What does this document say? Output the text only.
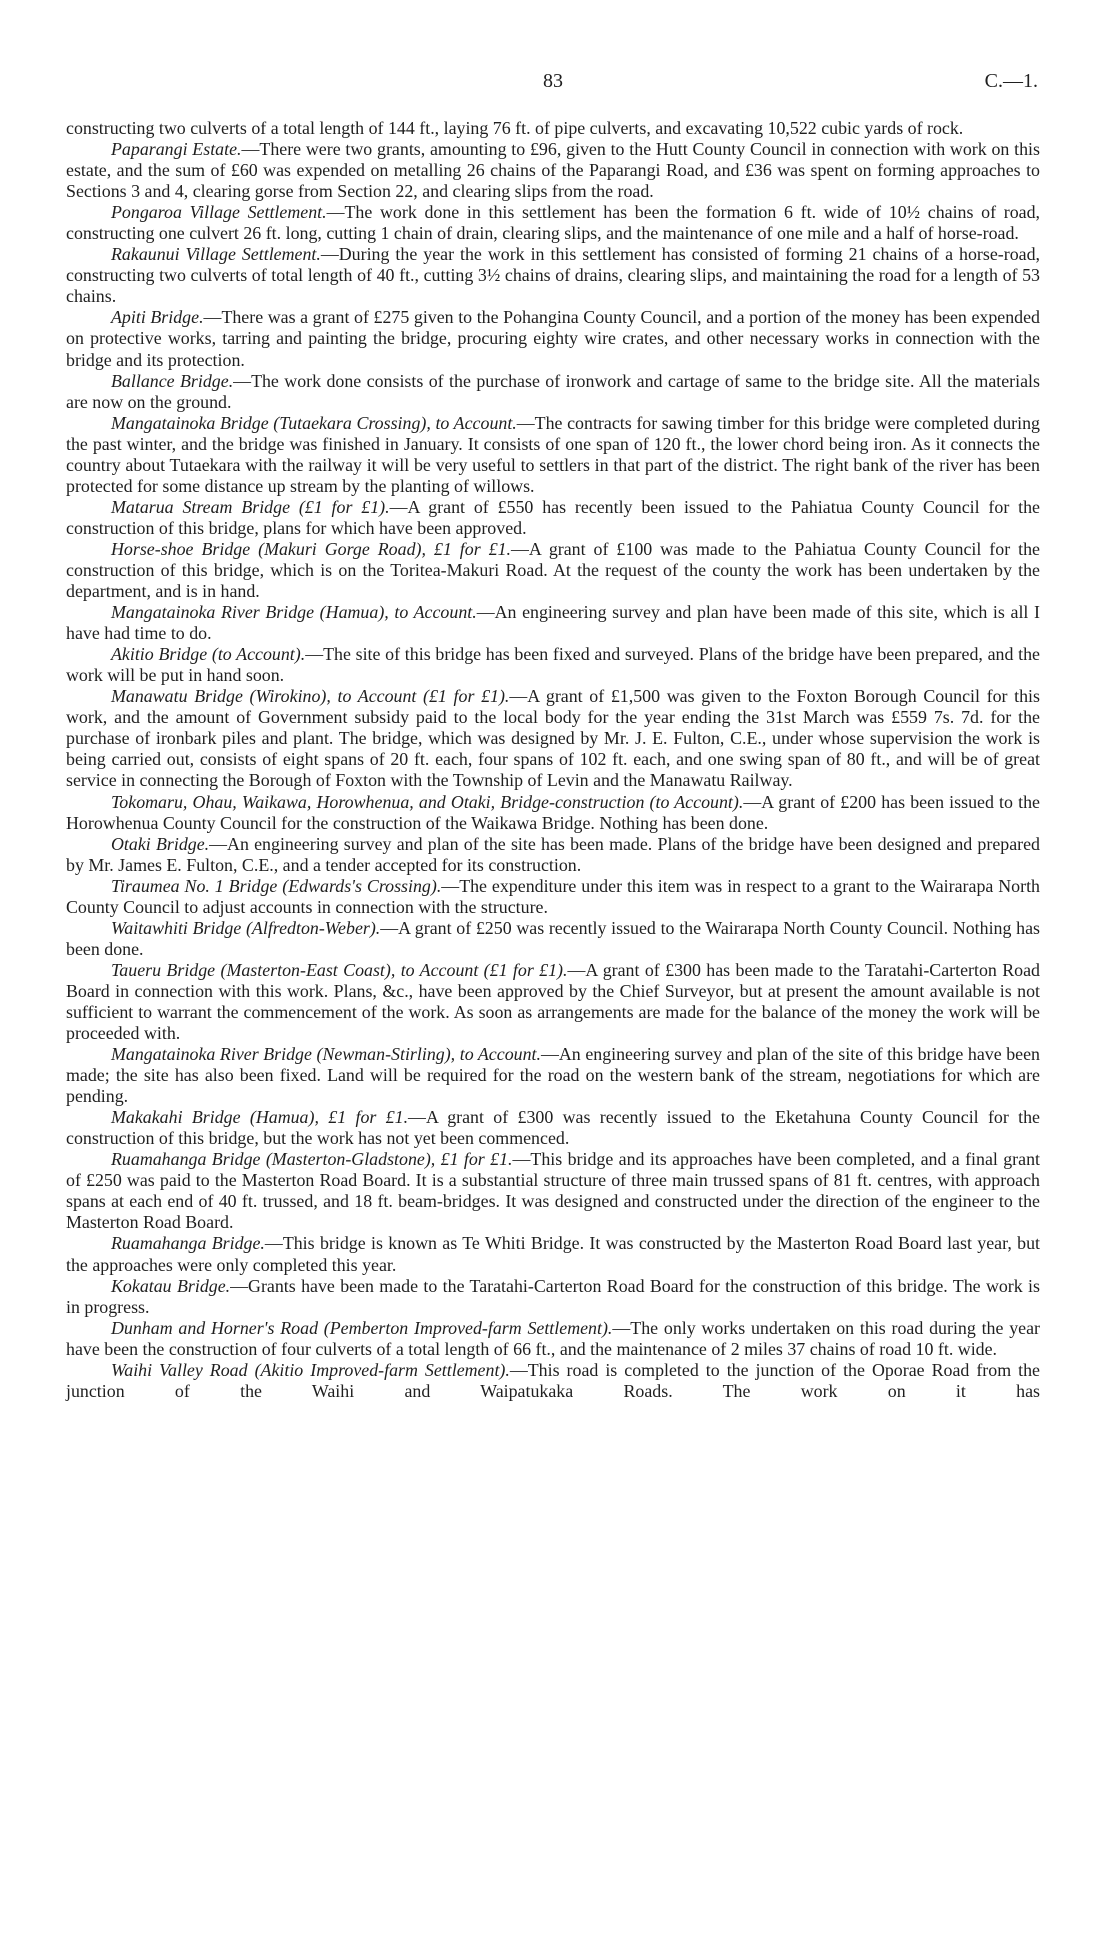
83	C.—1.

constructing two culverts of a total length of 144 ft., laying 76 ft. of pipe culverts, and excavating 10,522 cubic yards of rock.

Paparangi Estate.—There were two grants, amounting to £96, given to the Hutt County Council in connection with work on this estate, and the sum of £60 was expended on metalling 26 chains of the Paparangi Road, and £36 was spent on forming approaches to Sections 3 and 4, clearing gorse from Section 22, and clearing slips from the road.

Pongaroa Village Settlement.—The work done in this settlement has been the formation 6 ft. wide of 10½ chains of road, constructing one culvert 26 ft. long, cutting 1 chain of drain, clearing slips, and the maintenance of one mile and a half of horse-road.

Rakaunui Village Settlement.—During the year the work in this settlement has consisted of forming 21 chains of a horse-road, constructing two culverts of total length of 40 ft., cutting 3½ chains of drains, clearing slips, and maintaining the road for a length of 53 chains.

Apiti Bridge.—There was a grant of £275 given to the Pohangina County Council, and a portion of the money has been expended on protective works, tarring and painting the bridge, procuring eighty wire crates, and other necessary works in connection with the bridge and its protection.

Ballance Bridge.—The work done consists of the purchase of ironwork and cartage of same to the bridge site. All the materials are now on the ground.

Mangatainoka Bridge (Tutaekara Crossing), to Account.—The contracts for sawing timber for this bridge were completed during the past winter, and the bridge was finished in January. It consists of one span of 120 ft., the lower chord being iron. As it connects the country about Tutaekara with the railway it will be very useful to settlers in that part of the district. The right bank of the river has been protected for some distance up stream by the planting of willows.

Matarua Stream Bridge (£1 for £1).—A grant of £550 has recently been issued to the Pahiatua County Council for the construction of this bridge, plans for which have been approved.

Horse-shoe Bridge (Makuri Gorge Road), £1 for £1.—A grant of £100 was made to the Pahiatua County Council for the construction of this bridge, which is on the Toritea-Makuri Road. At the request of the county the work has been undertaken by the department, and is in hand.

Mangatainoka River Bridge (Hamua), to Account.—An engineering survey and plan have been made of this site, which is all I have had time to do.

Akitio Bridge (to Account).—The site of this bridge has been fixed and surveyed. Plans of the bridge have been prepared, and the work will be put in hand soon.

Manawatu Bridge (Wirokino), to Account (£1 for £1).—A grant of £1,500 was given to the Foxton Borough Council for this work, and the amount of Government subsidy paid to the local body for the year ending the 31st March was £559 7s. 7d. for the purchase of ironbark piles and plant. The bridge, which was designed by Mr. J. E. Fulton, C.E., under whose supervision the work is being carried out, consists of eight spans of 20 ft. each, four spans of 102 ft. each, and one swing span of 80 ft., and will be of great service in connecting the Borough of Foxton with the Township of Levin and the Manawatu Railway.

Tokomaru, Ohau, Waikawa, Horowhenua, and Otaki, Bridge-construction (to Account).—A grant of £200 has been issued to the Horowhenua County Council for the construction of the Waikawa Bridge. Nothing has been done.

Otaki Bridge.—An engineering survey and plan of the site has been made. Plans of the bridge have been designed and prepared by Mr. James E. Fulton, C.E., and a tender accepted for its construction.

Tiraumea No. 1 Bridge (Edwards's Crossing).—The expenditure under this item was in respect to a grant to the Wairarapa North County Council to adjust accounts in connection with the structure.

Waitawhiti Bridge (Alfredton-Weber).—A grant of £250 was recently issued to the Wairarapa North County Council. Nothing has been done.

Taueru Bridge (Masterton-East Coast), to Account (£1 for £1).—A grant of £300 has been made to the Taratahi-Carterton Road Board in connection with this work. Plans, &c., have been approved by the Chief Surveyor, but at present the amount available is not sufficient to warrant the commencement of the work. As soon as arrangements are made for the balance of the money the work will be proceeded with.

Mangatainoka River Bridge (Newman-Stirling), to Account.—An engineering survey and plan of the site of this bridge have been made; the site has also been fixed. Land will be required for the road on the western bank of the stream, negotiations for which are pending.

Makakahi Bridge (Hamua), £1 for £1.—A grant of £300 was recently issued to the Eketahuna County Council for the construction of this bridge, but the work has not yet been commenced.

Ruamahanga Bridge (Masterton-Gladstone), £1 for £1.—This bridge and its approaches have been completed, and a final grant of £250 was paid to the Masterton Road Board. It is a substantial structure of three main trussed spans of 81 ft. centres, with approach spans at each end of 40 ft. trussed, and 18 ft. beam-bridges. It was designed and constructed under the direction of the engineer to the Masterton Road Board.

Ruamahanga Bridge.—This bridge is known as Te Whiti Bridge. It was constructed by the Masterton Road Board last year, but the approaches were only completed this year.

Kokatau Bridge.—Grants have been made to the Taratahi-Carterton Road Board for the construction of this bridge. The work is in progress.

Dunham and Horner's Road (Pemberton Improved-farm Settlement).—The only works undertaken on this road during the year have been the construction of four culverts of a total length of 66 ft., and the maintenance of 2 miles 37 chains of road 10 ft. wide.

Waihi Valley Road (Akitio Improved-farm Settlement).—This road is completed to the junction of the Oporae Road from the junction of the Waihi and Waipatukaka Roads. The work on it has
